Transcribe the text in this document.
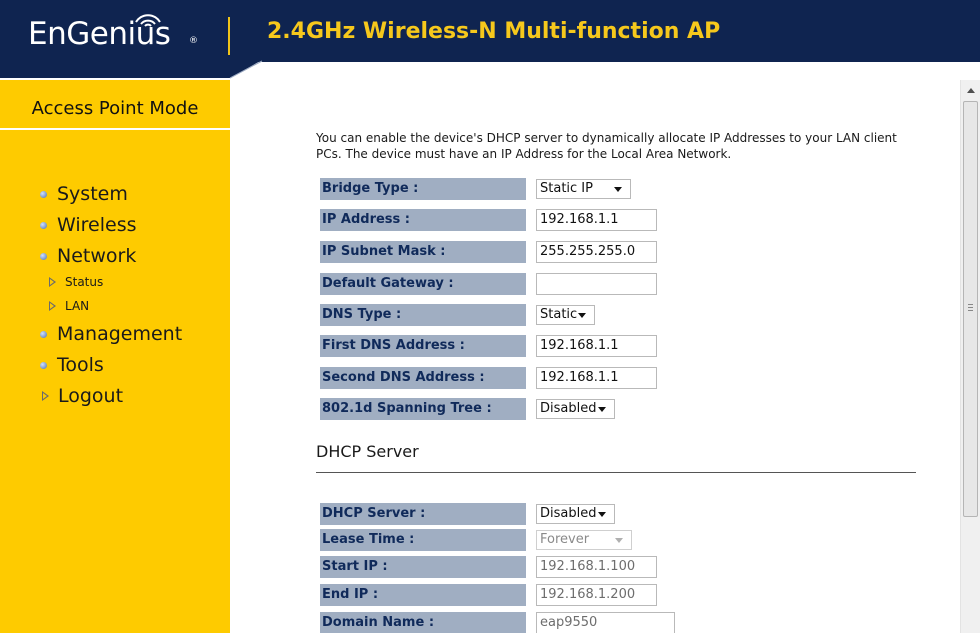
EnGenius ®	2.4GHz Wireless-N Multi-function AP
Access Point Mode
System
Wireless
Network
Status
LAN
Management
Tools
Logout
You can enable the device's DHCP server to dynamically allocate IP Addresses to your LAN client PCs. The device must have an IP Address for the Local Area Network.
Bridge Type :	Static IP
IP Address :	192.168.1.1
IP Subnet Mask :	255.255.255.0
Default Gateway :
DNS Type :	Static
First DNS Address :	192.168.1.1
Second DNS Address :	192.168.1.1
802.1d Spanning Tree :	Disabled
DHCP Server
DHCP Server :	Disabled
Lease Time :	Forever
Start IP :	192.168.1.100
End IP :	192.168.1.200
Domain Name :	eap9550
